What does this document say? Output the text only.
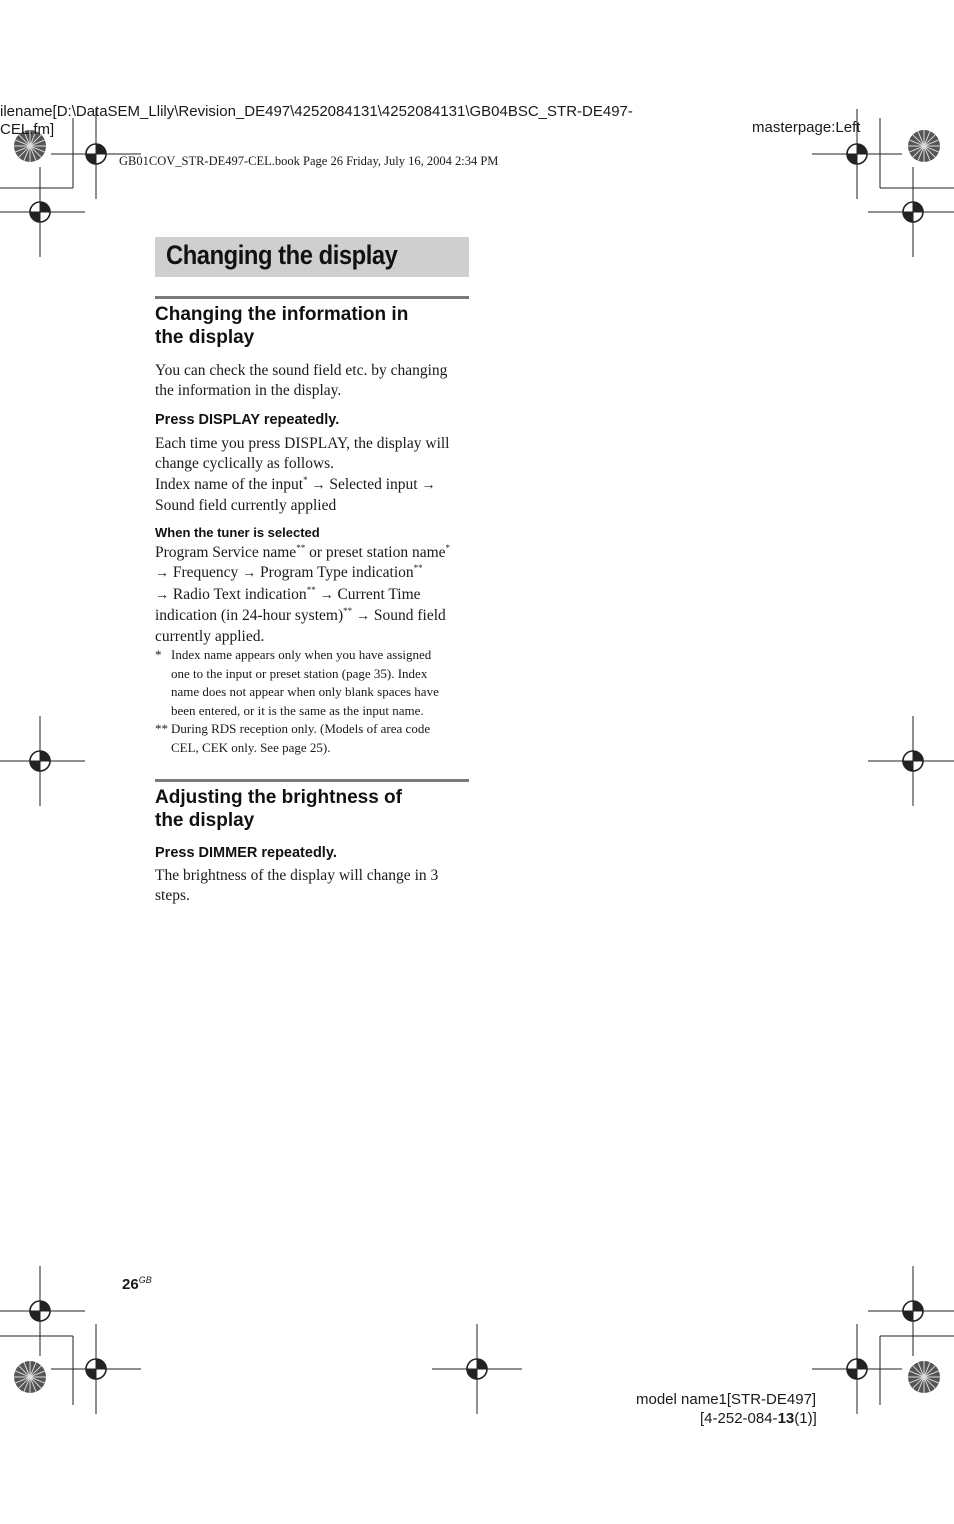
ilename[D:\DataSEM_Llily\Revision_DE497\4252084131\4252084131\GB04BSC_STR-DE497-
CEL.fm]	masterpage:Left
GB01COV_STR-DE497-CEL.book Page 26 Friday, July 16, 2004 2:34 PM
Changing the display
Changing the information in
the display
You can check the sound field etc. by changing
the information in the display.
Press DISPLAY repeatedly.
Each time you press DISPLAY, the display will
change cyclically as follows.
Index name of the input* → Selected input →
Sound field currently applied
When the tuner is selected
Program Service name** or preset station name*
→ Frequency → Program Type indication**
→ Radio Text indication** → Current Time
indication (in 24-hour system)** → Sound field
currently applied.
* Index name appears only when you have assigned
one to the input or preset station (page 35). Index
name does not appear when only blank spaces have
been entered, or it is the same as the input name.
** During RDS reception only. (Models of area code
CEL, CEK only. See page 25).
Adjusting the brightness of
the display
Press DIMMER repeatedly.
The brightness of the display will change in 3
steps.
$26^{GB}$
model name1[STR-DE497]
[4-252-084-13(1)]
